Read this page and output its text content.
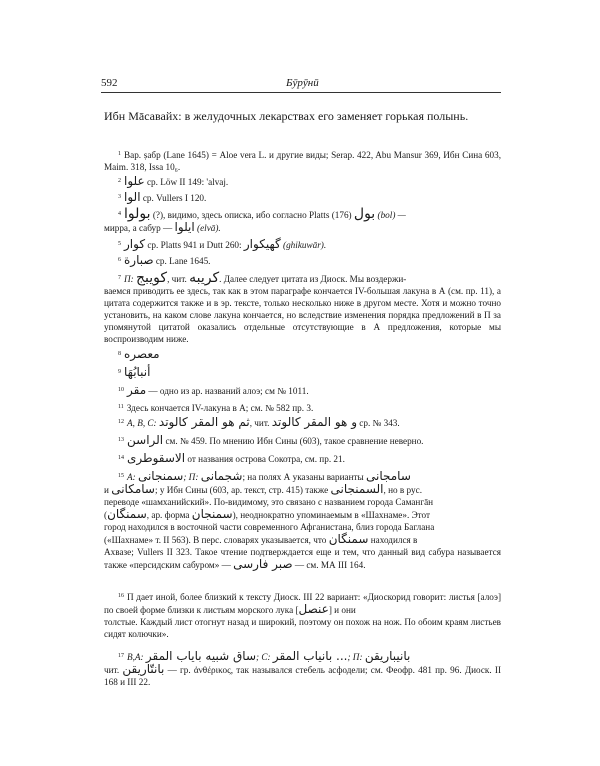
592	Бӯрӯнӣ
Ибн Мāсавайх: в желудочных лекарствах его заменяет горькая полынь.
$^1$ Вар. ṣабр (Lane 1645) = Aloe vera L. и другие виды; Serap. 422, Abu Mansur 369, Ибн Сина 603, Maim. 318, Issa 10₆.
$^2$ علوا ср. Löw II 149: 'alvaj.
$^3$ الوا ср. Vullers I 120.
$^4$ بولوا (?), видимо, здесь описка, ибо согласно Platts (176) بول (bol) —
мирра, а сабур — ايلوا (elvā).
$^5$ كوار ср. Platts 941 и Dutt 260: گهيكوار (ghikuwār).
$^6$ صبارة ср. Lane 1645.
$^7$ П: كويبج, чит. كريبه. Далее следует цитата из Диоск. Мы воздержи-
ваемся приводить ее здесь, так как в этом параграфе кончается IV-большая лакуна в А (см. пр. 11), а цитата содержится также и в эр. тексте, только несколько ниже в другом месте. Хотя и можно точно установить, на каком слове лакуна кончается, но вследствие изменения порядка предложений в П за упомянутой цитатой оказались отдельные отсутствующие в А предложения, которые мы воспроизводим ниже.
$^8$ معصره
$^9$ أنبابُهَا
$^{10}$ مقر — одно из ар. названий алоэ; см № 1011.
$^{11}$ Здесь кончается IV-лакуна в А; см. № 582 пр. 3.
$^{12}$ А, В, С: ثم هو المقر كالوتد, чит. و هو المقر كالوتد ср. № 343.
$^{13}$ الراسن см. № 459. По мнению Ибн Сины (603), такое сравнение неверно.
$^{14}$ الاسقوطرى от названия острова Сокотра, см. пр. 21.
$^{15}$ А: سمنجانى; П: شجمانى; на полях А указаны варианты سامجانى
и سامكانى; у Ибн Сины (603, ар. текст, стр. 415) также السمنجانى, но в рус.
переводе «шамханийский». По-видимому, это связано с названием города Самангāн
(سمنگان, ар. форма سمنجان), неоднократно упоминаемым в «Шахнаме». Этот
город находился в восточной части современного Афганистана, близ города Баглана
(«Шахнаме» т. II 563). В перс. словарях указывается, что سمنگان находился в
Ахвазе; Vullers II 323. Такое чтение подтверждается еще и тем, что данный вид сабура называется также «персидским сабуром» — صبر فارسى — см. МА III 164.
$^{16}$ П дает иной, более близкий к тексту Диоск. III 22 вариант: «Диоскорид говорит: листья [алоэ] по своей форме близки к листьям морского лука [عنصل] и они
толстые. Каждый лист отогнут назад и широкий, поэтому он похож на нож. По обоим краям листьев сидят колючки».
$^{17}$ В,А: ساق شبيه باياب المقر; С: ... بانياب المقر; П: بانيباريقن
чит. بانتّاريقن — гр. ἀνθέρικος, так назывался стебель асфодели; см. Феофр. 481 пр. 96. Диоск. II 168 и III 22.
